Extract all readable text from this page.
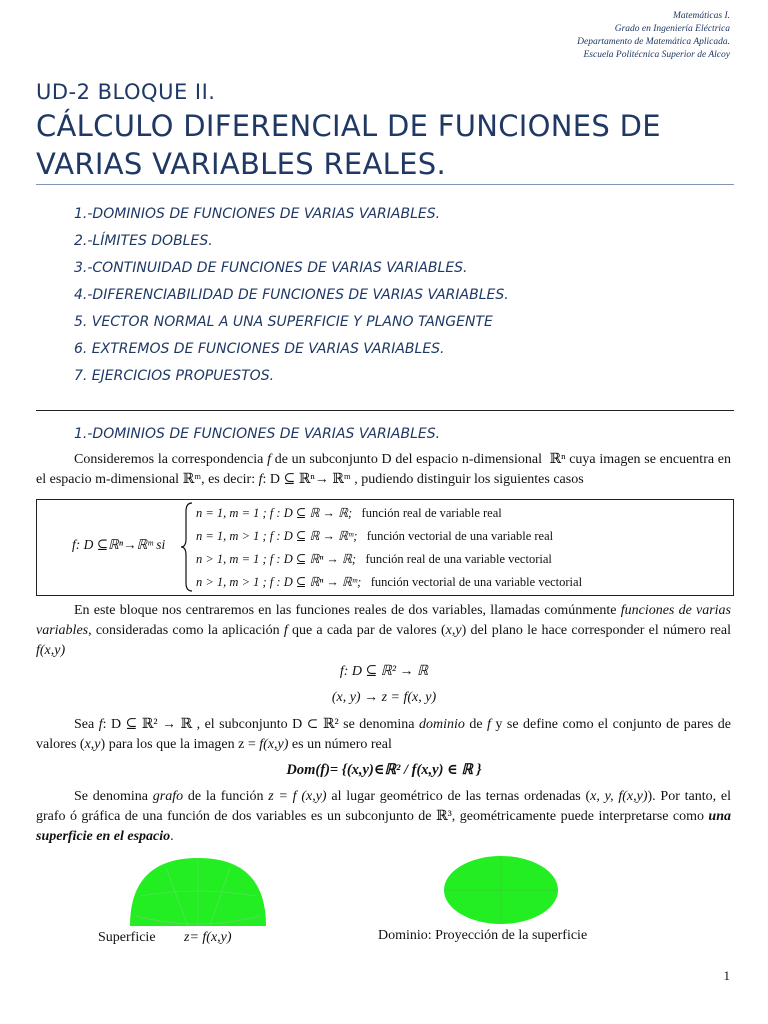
Matemáticas I.
Grado en Ingeniería Eléctrica
Departamento de Matemática Aplicada.
Escuela Politécnica Superior de Alcoy
UD-2 BLOQUE II.
CÁLCULO DIFERENCIAL DE FUNCIONES DE
VARIAS VARIABLES REALES.
1.-DOMINIOS DE FUNCIONES DE VARIAS VARIABLES.
2.-LÍMITES DOBLES.
3.-CONTINUIDAD DE FUNCIONES DE VARIAS VARIABLES.
4.-DIFERENCIABILIDAD DE FUNCIONES DE VARIAS VARIABLES.
5. VECTOR NORMAL A UNA SUPERFICIE Y PLANO TANGENTE
6. EXTREMOS DE FUNCIONES DE VARIAS VARIABLES.
7. EJERCICIOS PROPUESTOS.
1.-DOMINIOS DE FUNCIONES DE VARIAS VARIABLES.
Consideremos la correspondencia f de un subconjunto D del espacio n-dimensional  ℝⁿ cuya imagen se encuentra en el espacio m-dimensional ℝᵐ, es decir: f: D ⊆ ℝⁿ→ ℝᵐ , pudiendo distinguir los siguientes casos
f: D ⊆ℝⁿ→ℝᵐ si
n = 1, m = 1 ; f : D ⊆ ℝ → ℝ; función real de variable real
n = 1, m > 1 ; f : D ⊆ ℝ → ℝᵐ; función vectorial de una variable real
n > 1, m = 1 ; f : D ⊆ ℝⁿ → ℝ; función real de una variable vectorial
n > 1, m > 1 ; f : D ⊆ ℝⁿ → ℝᵐ; función vectorial de una variable vectorial
En este bloque nos centraremos en las funciones reales de dos variables, llamadas comúnmente funciones de varias variables, consideradas como la aplicación f que a cada par de valores (x,y) del plano le hace corresponder el número real f(x,y)
f: D ⊆ ℝ² → ℝ
(x, y) → z = f(x, y)
Sea f: D ⊆ ℝ² → ℝ , el subconjunto D ⊂ ℝ² se denomina dominio de f y se define como el conjunto de pares de valores (x,y) para los que la imagen z = f(x,y) es un número real
Dom(f)= {(x,y)∈ℝ² / f(x,y) ∈ ℝ }
Se denomina grafo de la función z = f (x,y) al lugar geométrico de las ternas ordenadas (x, y, f(x,y)). Por tanto, el grafo ó gráfica de una función de dos variables es un subconjunto de ℝ³, geométricamente puede interpretarse como una superficie en el espacio.
Superficie z= f(x,y)	Dominio: Proyección de la superficie
1
